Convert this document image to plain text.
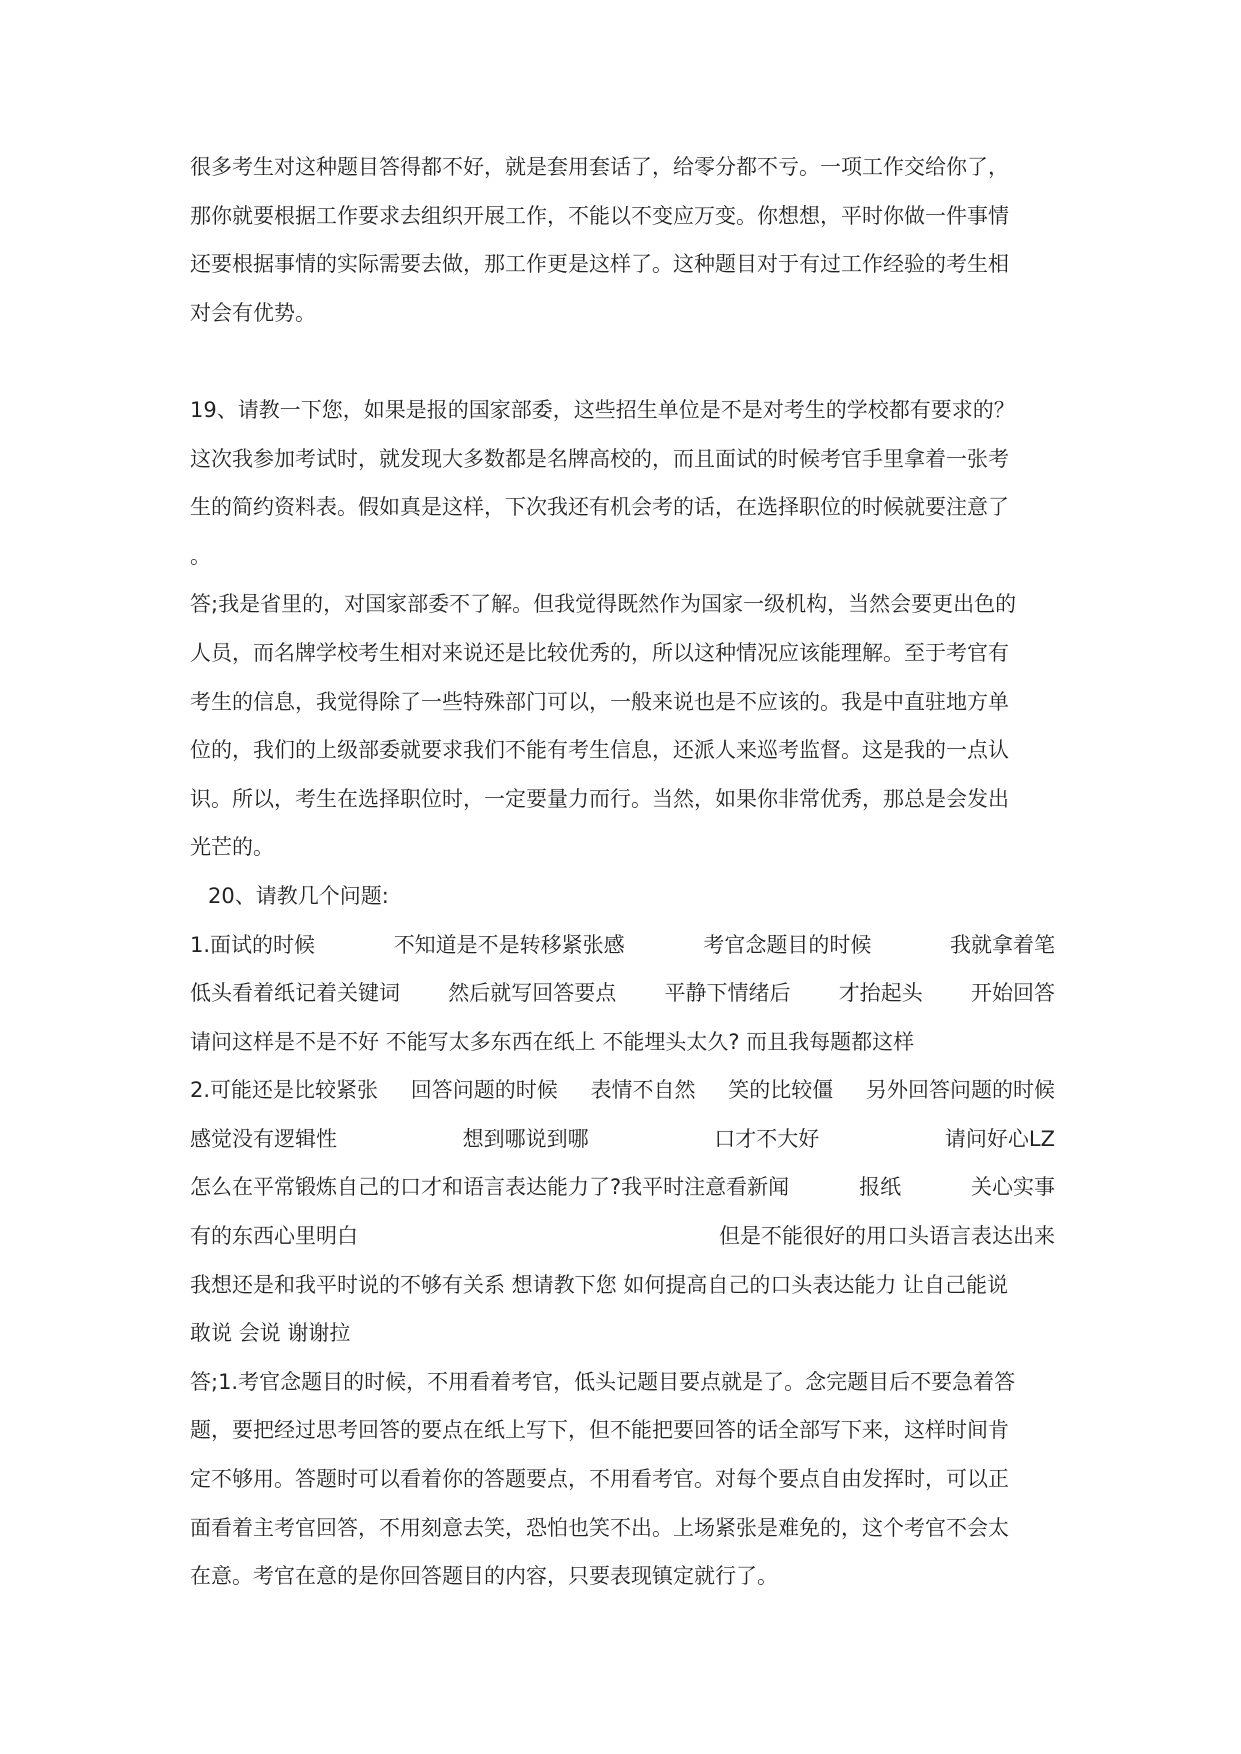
很多考生对这种题目答得都不好，就是套用套话了，给零分都不亏。一项工作交给你了，
那你就要根据工作要求去组织开展工作，不能以不变应万变。你想想，平时你做一件事情
还要根据事情的实际需要去做，那工作更是这样了。这种题目对于有过工作经验的考生相
对会有优势。
19、请教一下您，如果是报的国家部委，这些招生单位是不是对考生的学校都有要求的？
这次我参加考试时，就发现大多数都是名牌高校的，而且面试的时候考官手里拿着一张考
生的简约资料表。假如真是这样，下次我还有机会考的话，在选择职位的时候就要注意了
。
答;我是省里的，对国家部委不了解。但我觉得既然作为国家一级机构，当然会要更出色的
人员，而名牌学校考生相对来说还是比较优秀的，所以这种情况应该能理解。至于考官有
考生的信息，我觉得除了一些特殊部门可以，一般来说也是不应该的。我是中直驻地方单
位的，我们的上级部委就要求我们不能有考生信息，还派人来巡考监督。这是我的一点认
识。所以，考生在选择职位时，一定要量力而行。当然，如果你非常优秀，那总是会发出
光芒的。
20、请教几个问题:
1.面试的时候	不知道是不是转移紧张感	考官念题目的时候	我就拿着笔
低头看着纸记着关键词 然后就写回答要点 平静下情绪后 才抬起头 开始回答
请问这样是不是不好 不能写太多东西在纸上 不能埋头太久? 而且我每题都这样
2.可能还是比较紧张 回答问题的时候 表情不自然 笑的比较僵 另外回答问题的时候
感觉没有逻辑性	想到哪说到哪	口才不大好	请问好心LZ
怎么在平常锻炼自己的口才和语言表达能力了?我平时注意看新闻	报纸	关心实事
有的东西心里明白	但是不能很好的用口头语言表达出来
我想还是和我平时说的不够有关系 想请教下您 如何提高自己的口头表达能力 让自己能说
敢说 会说 谢谢拉
答;1.考官念题目的时候，不用看着考官，低头记题目要点就是了。念完题目后不要急着答
题，要把经过思考回答的要点在纸上写下，但不能把要回答的话全部写下来，这样时间肯
定不够用。答题时可以看着你的答题要点，不用看考官。对每个要点自由发挥时，可以正
面看着主考官回答，不用刻意去笑，恐怕也笑不出。上场紧张是难免的，这个考官不会太
在意。考官在意的是你回答题目的内容，只要表现镇定就行了。
